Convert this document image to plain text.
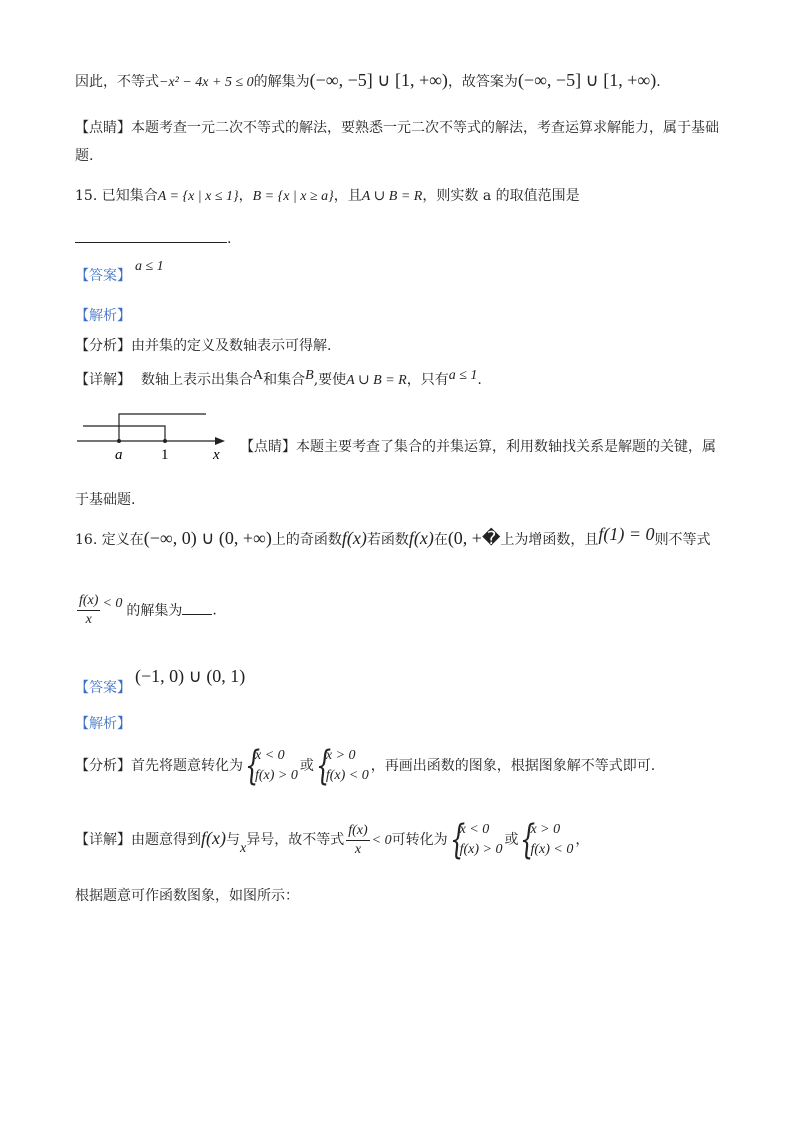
因此，不等式−x² − 4x + 5 ≤ 0的解集为(−∞, −5] ∪ [1, +∞)，故答案为(−∞, −5] ∪ [1, +∞).
【点睛】本题考查一元二次不等式的解法，要熟悉一元二次不等式的解法，考查运算求解能力，属于基础
题.
15. 已知集合A = {x | x ≤ 1}，B = {x | x ≥ a}，且A ∪ B = R，则实数 a 的取值范围是
.
【答案】a ≤ 1
【解析】
【分析】由并集的定义及数轴表示可得解.
【详解】 数轴上表示出集合A和集合B,要使A ∪ B = R，只有a ≤ 1.
a	1	x 【点睛】本题主要考查了集合的并集运算，利用数轴找关系是解题的关键，属
于基础题.
16. 定义在(−∞, 0) ∪ (0, +∞)上的奇函数f(x)若函数f(x)在(0, +�上为增函数，且f(1) = 0则不等式
$\frac{f(x)}{x} < 0$ 的解集为 .
【答案】(−1, 0) ∪ (0, 1)
【解析】
【分析】首先将题意转化为 {
x < 0
f(x) > 0
或 {
x > 0
f(x) < 0
，再画出函数的图象，根据图象解不等式即可.
【详解】由题意得到f(x)与x异号，故不等式 $\frac{f(x)}{x} < 0$可转化为 {
x < 0
f(x) > 0
或 {
x > 0
f(x) < 0
，
根据题意可作函数图象，如图所示：
